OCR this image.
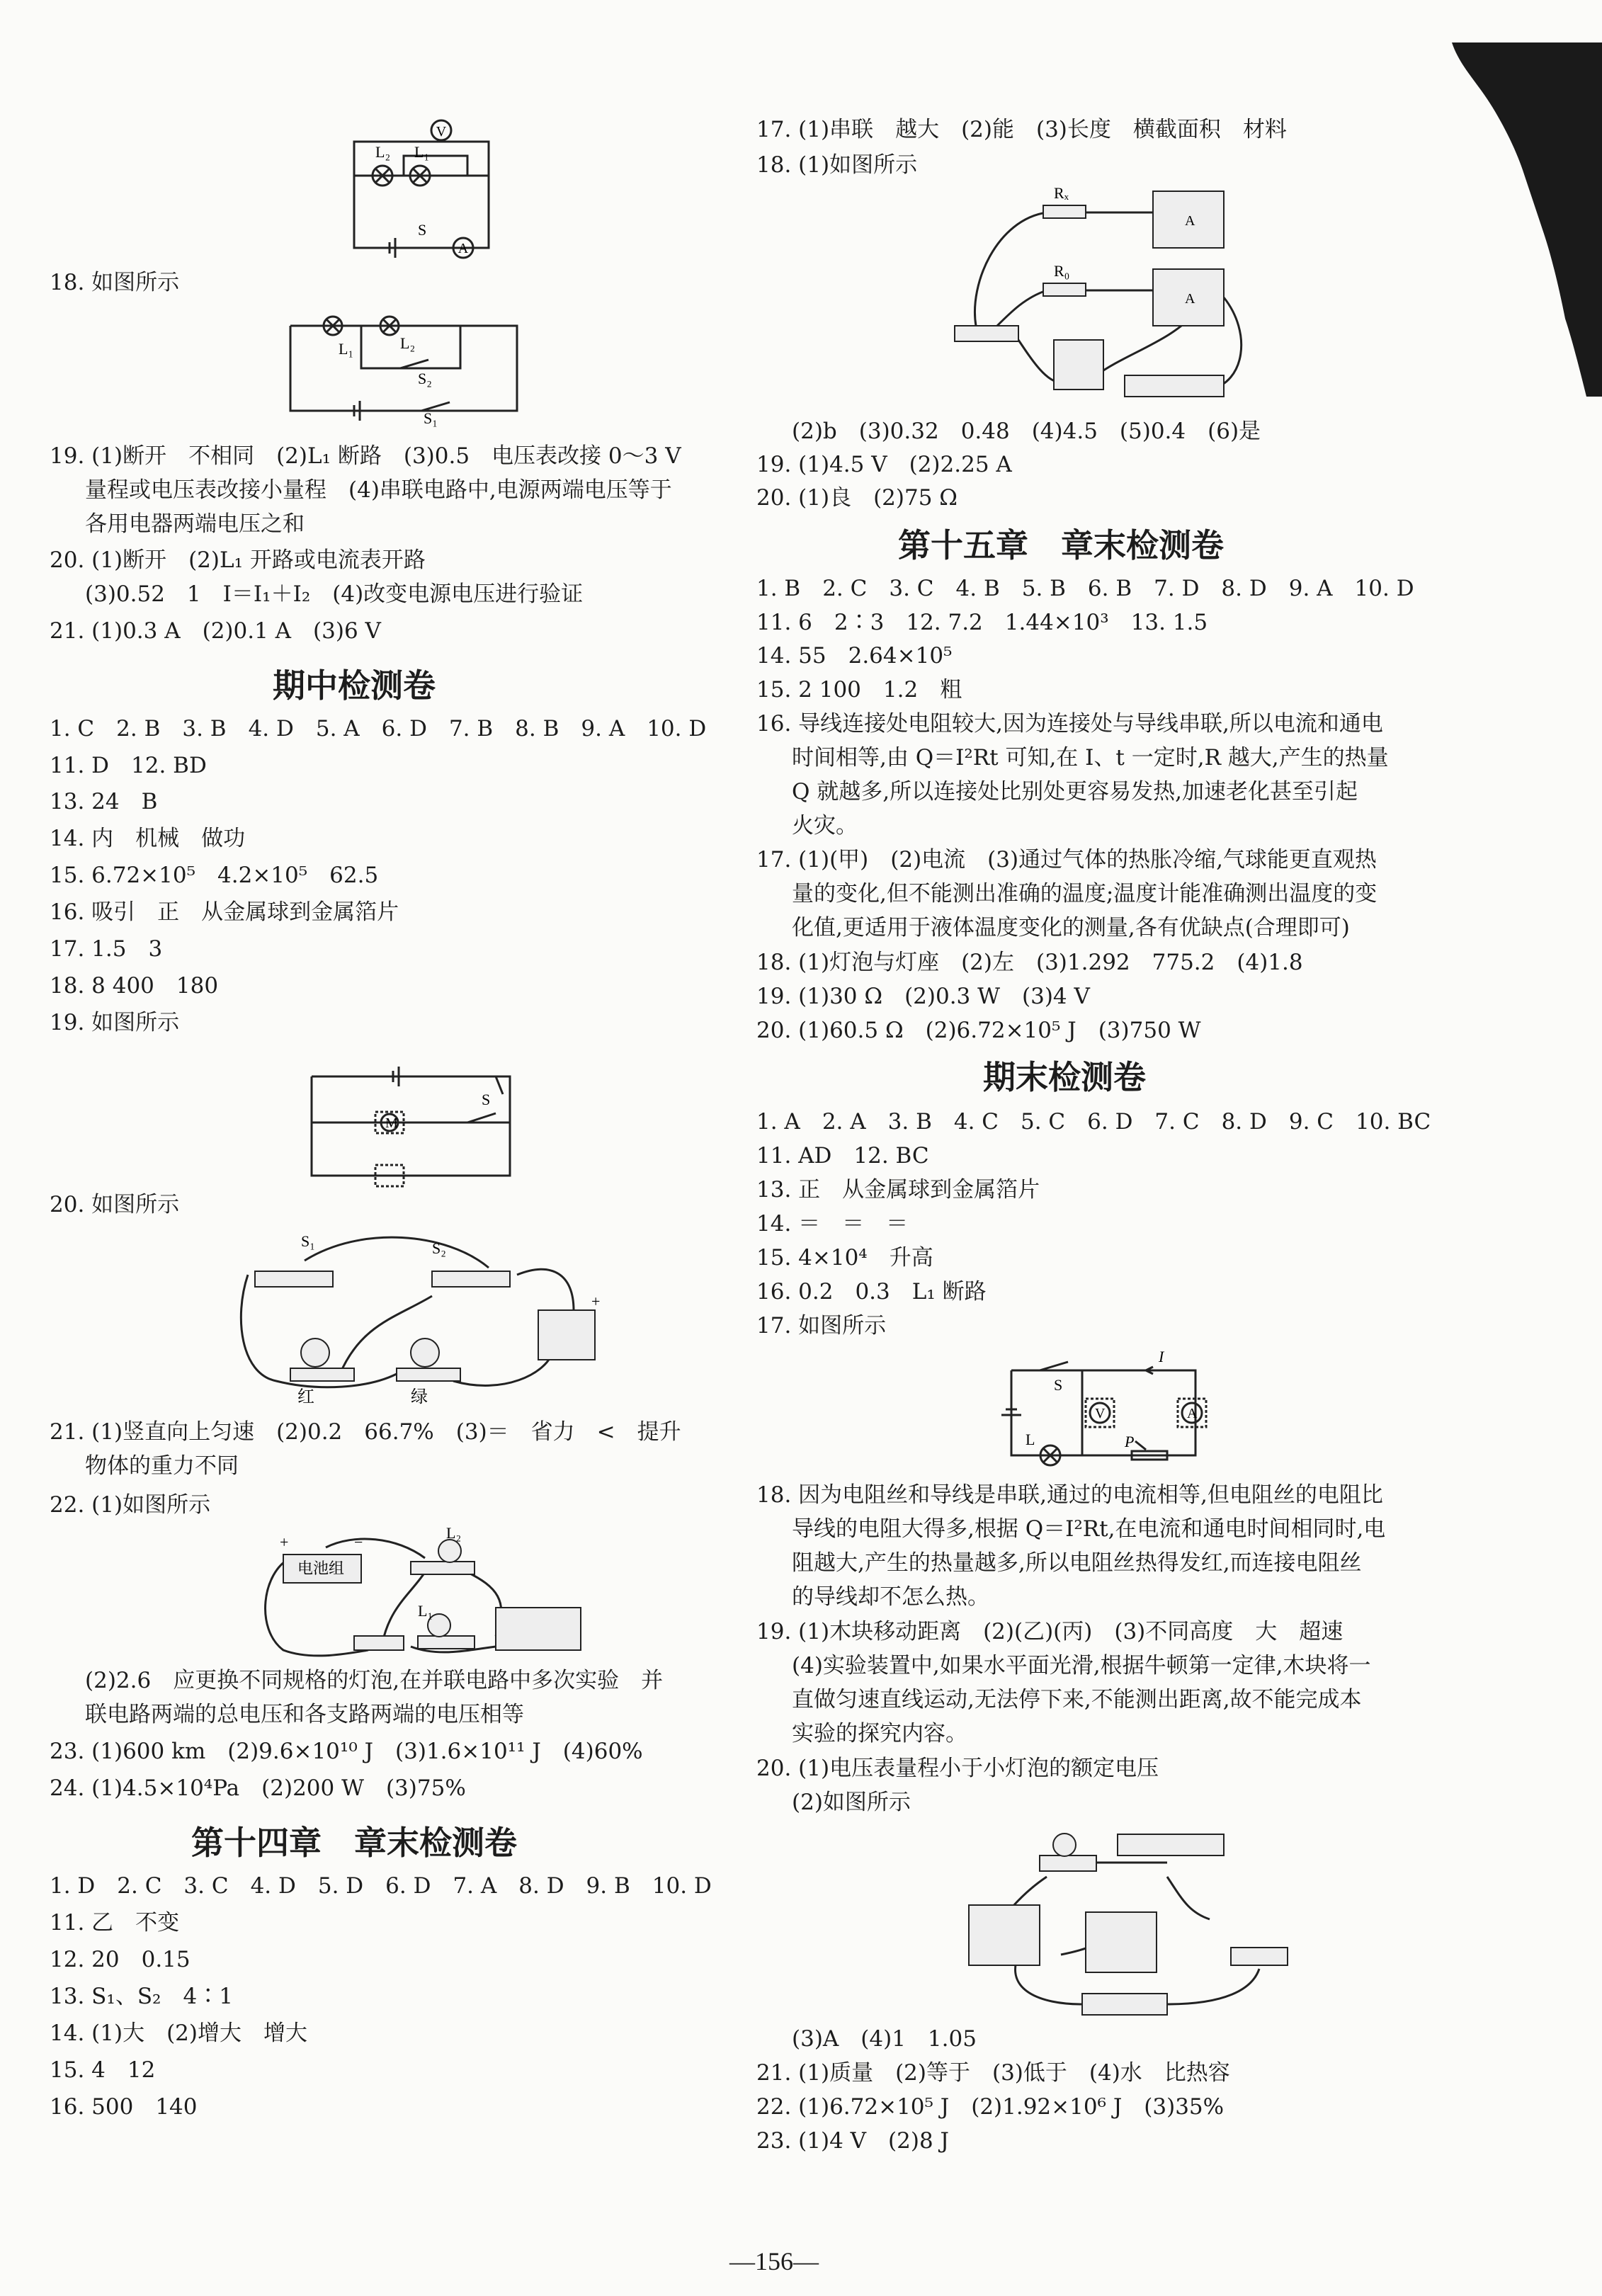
18. 如图所示
19. (1)断开　不相同　(2)L₁ 断路　(3)0.5　电压表改接 0～3 V
量程或电压表改接小量程　(4)串联电路中,电源两端电压等于
各用电器两端电压之和
20. (1)断开　(2)L₁ 开路或电流表开路
(3)0.52　1　I＝I₁＋I₂　(4)改变电源电压进行验证
21. (1)0.3 A　(2)0.1 A　(3)6 V
1. C　2. B　3. B　4. D　5. A　6. D　7. B　8. B　9. A　10. D
11. D　12. BD
13. 24　B
14. 内　机械　做功
15. 6.72×10⁵　4.2×10⁵　62.5
16. 吸引　正　从金属球到金属箔片
17. 1.5　3
18. 8 400　180
19. 如图所示
20. 如图所示
21. (1)竖直向上匀速　(2)0.2　66.7%　(3)＝　省力　<　提升
物体的重力不同
22. (1)如图所示
(2)2.6　应更换不同规格的灯泡,在并联电路中多次实验　并
联电路两端的总电压和各支路两端的电压相等
23. (1)600 km　(2)9.6×10¹⁰ J　(3)1.6×10¹¹ J　(4)60%
24. (1)4.5×10⁴Pa　(2)200 W　(3)75%
1. D　2. C　3. C　4. D　5. D　6. D　7. A　8. D　9. B　10. D
11. 乙　不变
12. 20　0.15
13. S₁、S₂　4∶1
14. (1)大　(2)增大　增大
15. 4　12
16. 500　140
V
L₂ L₁
S
A
L₁	L₂
S₂
S₁
M
S
S₁	S₂
+
红	绿
电池组
+	−
L₂
L₁
17. (1)串联　越大　(2)能　(3)长度　横截面积　材料
18. (1)如图所示
(2)b　(3)0.32　0.48　(4)4.5　(5)0.4　(6)是
19. (1)4.5 V　(2)2.25 A
20. (1)良　(2)75 Ω
1. B　2. C　3. C　4. B　5. B　6. B　7. D　8. D　9. A　10. D
11. 6　2∶3　12. 7.2　1.44×10³　13. 1.5
14. 55　2.64×10⁵
15. 2 100　1.2　粗
16. 导线连接处电阻较大,因为连接处与导线串联,所以电流和通电
时间相等,由 Q＝I²Rt 可知,在 I、t 一定时,R 越大,产生的热量
Q 就越多,所以连接处比别处更容易发热,加速老化甚至引起
火灾。
17. (1)(甲)　(2)电流　(3)通过气体的热胀冷缩,气球能更直观热
量的变化,但不能测出准确的温度;温度计能准确测出温度的变
化值,更适用于液体温度变化的测量,各有优缺点(合理即可)
18. (1)灯泡与灯座　(2)左　(3)1.292　775.2　(4)1.8
19. (1)30 Ω　(2)0.3 W　(3)4 V
20. (1)60.5 Ω　(2)6.72×10⁵ J　(3)750 W
1. A　2. A　3. B　4. C　5. C　6. D　7. C　8. D　9. C　10. BC
11. AD　12. BC
13. 正　从金属球到金属箔片
14. ＝　＝　＝
15. 4×10⁴　升高
16. 0.2　0.3　L₁ 断路
17. 如图所示
18. 因为电阻丝和导线是串联,通过的电流相等,但电阻丝的电阻比
导线的电阻大得多,根据 Q＝I²Rt,在电流和通电时间相同时,电
阻越大,产生的热量越多,所以电阻丝热得发红,而连接电阻丝
的导线却不怎么热。
19. (1)木块移动距离　(2)(乙)(丙)　(3)不同高度　大　超速
(4)实验装置中,如果水平面光滑,根据牛顿第一定律,木块将一
直做匀速直线运动,无法停下来,不能测出距离,故不能完成本
实验的探究内容。
20. (1)电压表量程小于小灯泡的额定电压
(2)如图所示
(3)A　(4)1　1.05
21. (1)质量　(2)等于　(3)低于　(4)水　比热容
22. (1)6.72×10⁵ J　(2)1.92×10⁶ J　(3)35%
23. (1)4 V　(2)8 J
Rₓ
R₀
A
A
I
S
V	A
L	P
期中检测卷
第十四章　章末检测卷
第十五章　章末检测卷
期末检测卷
—156—
